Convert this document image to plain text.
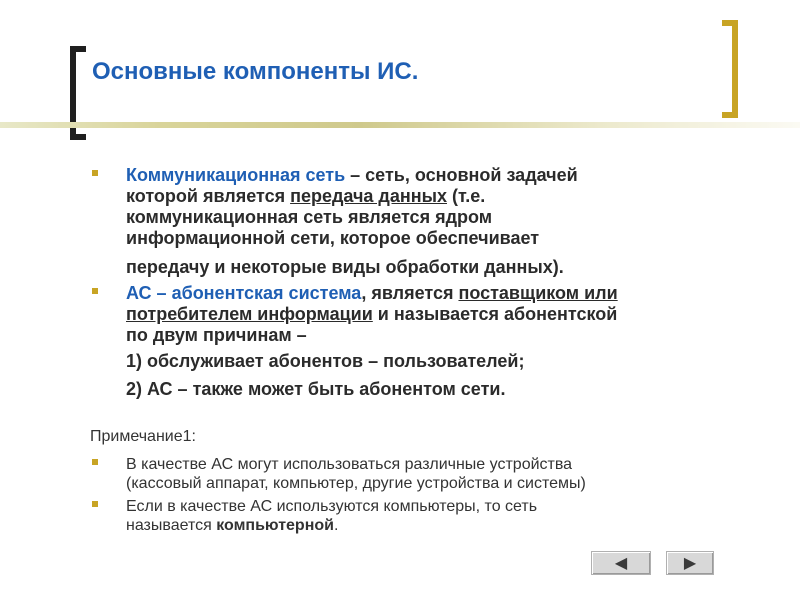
Основные компоненты ИС.
Коммуникационная сеть – сеть, основной задачей
которой является передача данных (т.е.
коммуникационная сеть является ядром
информационной сети, которое обеспечивает
передачу и некоторые виды обработки данных).
АС – абонентская система, является поставщиком или
потребителем информации и называется абонентской
по двум причинам –
1) обслуживает абонентов – пользователей;
2) АС – также может быть абонентом сети.
Примечание1:
В качестве АС могут использоваться различные устройства
(кассовый аппарат, компьютер, другие устройства и системы)
Если в качестве АС используются компьютеры, то сеть
называется компьютерной.
◀	▶
